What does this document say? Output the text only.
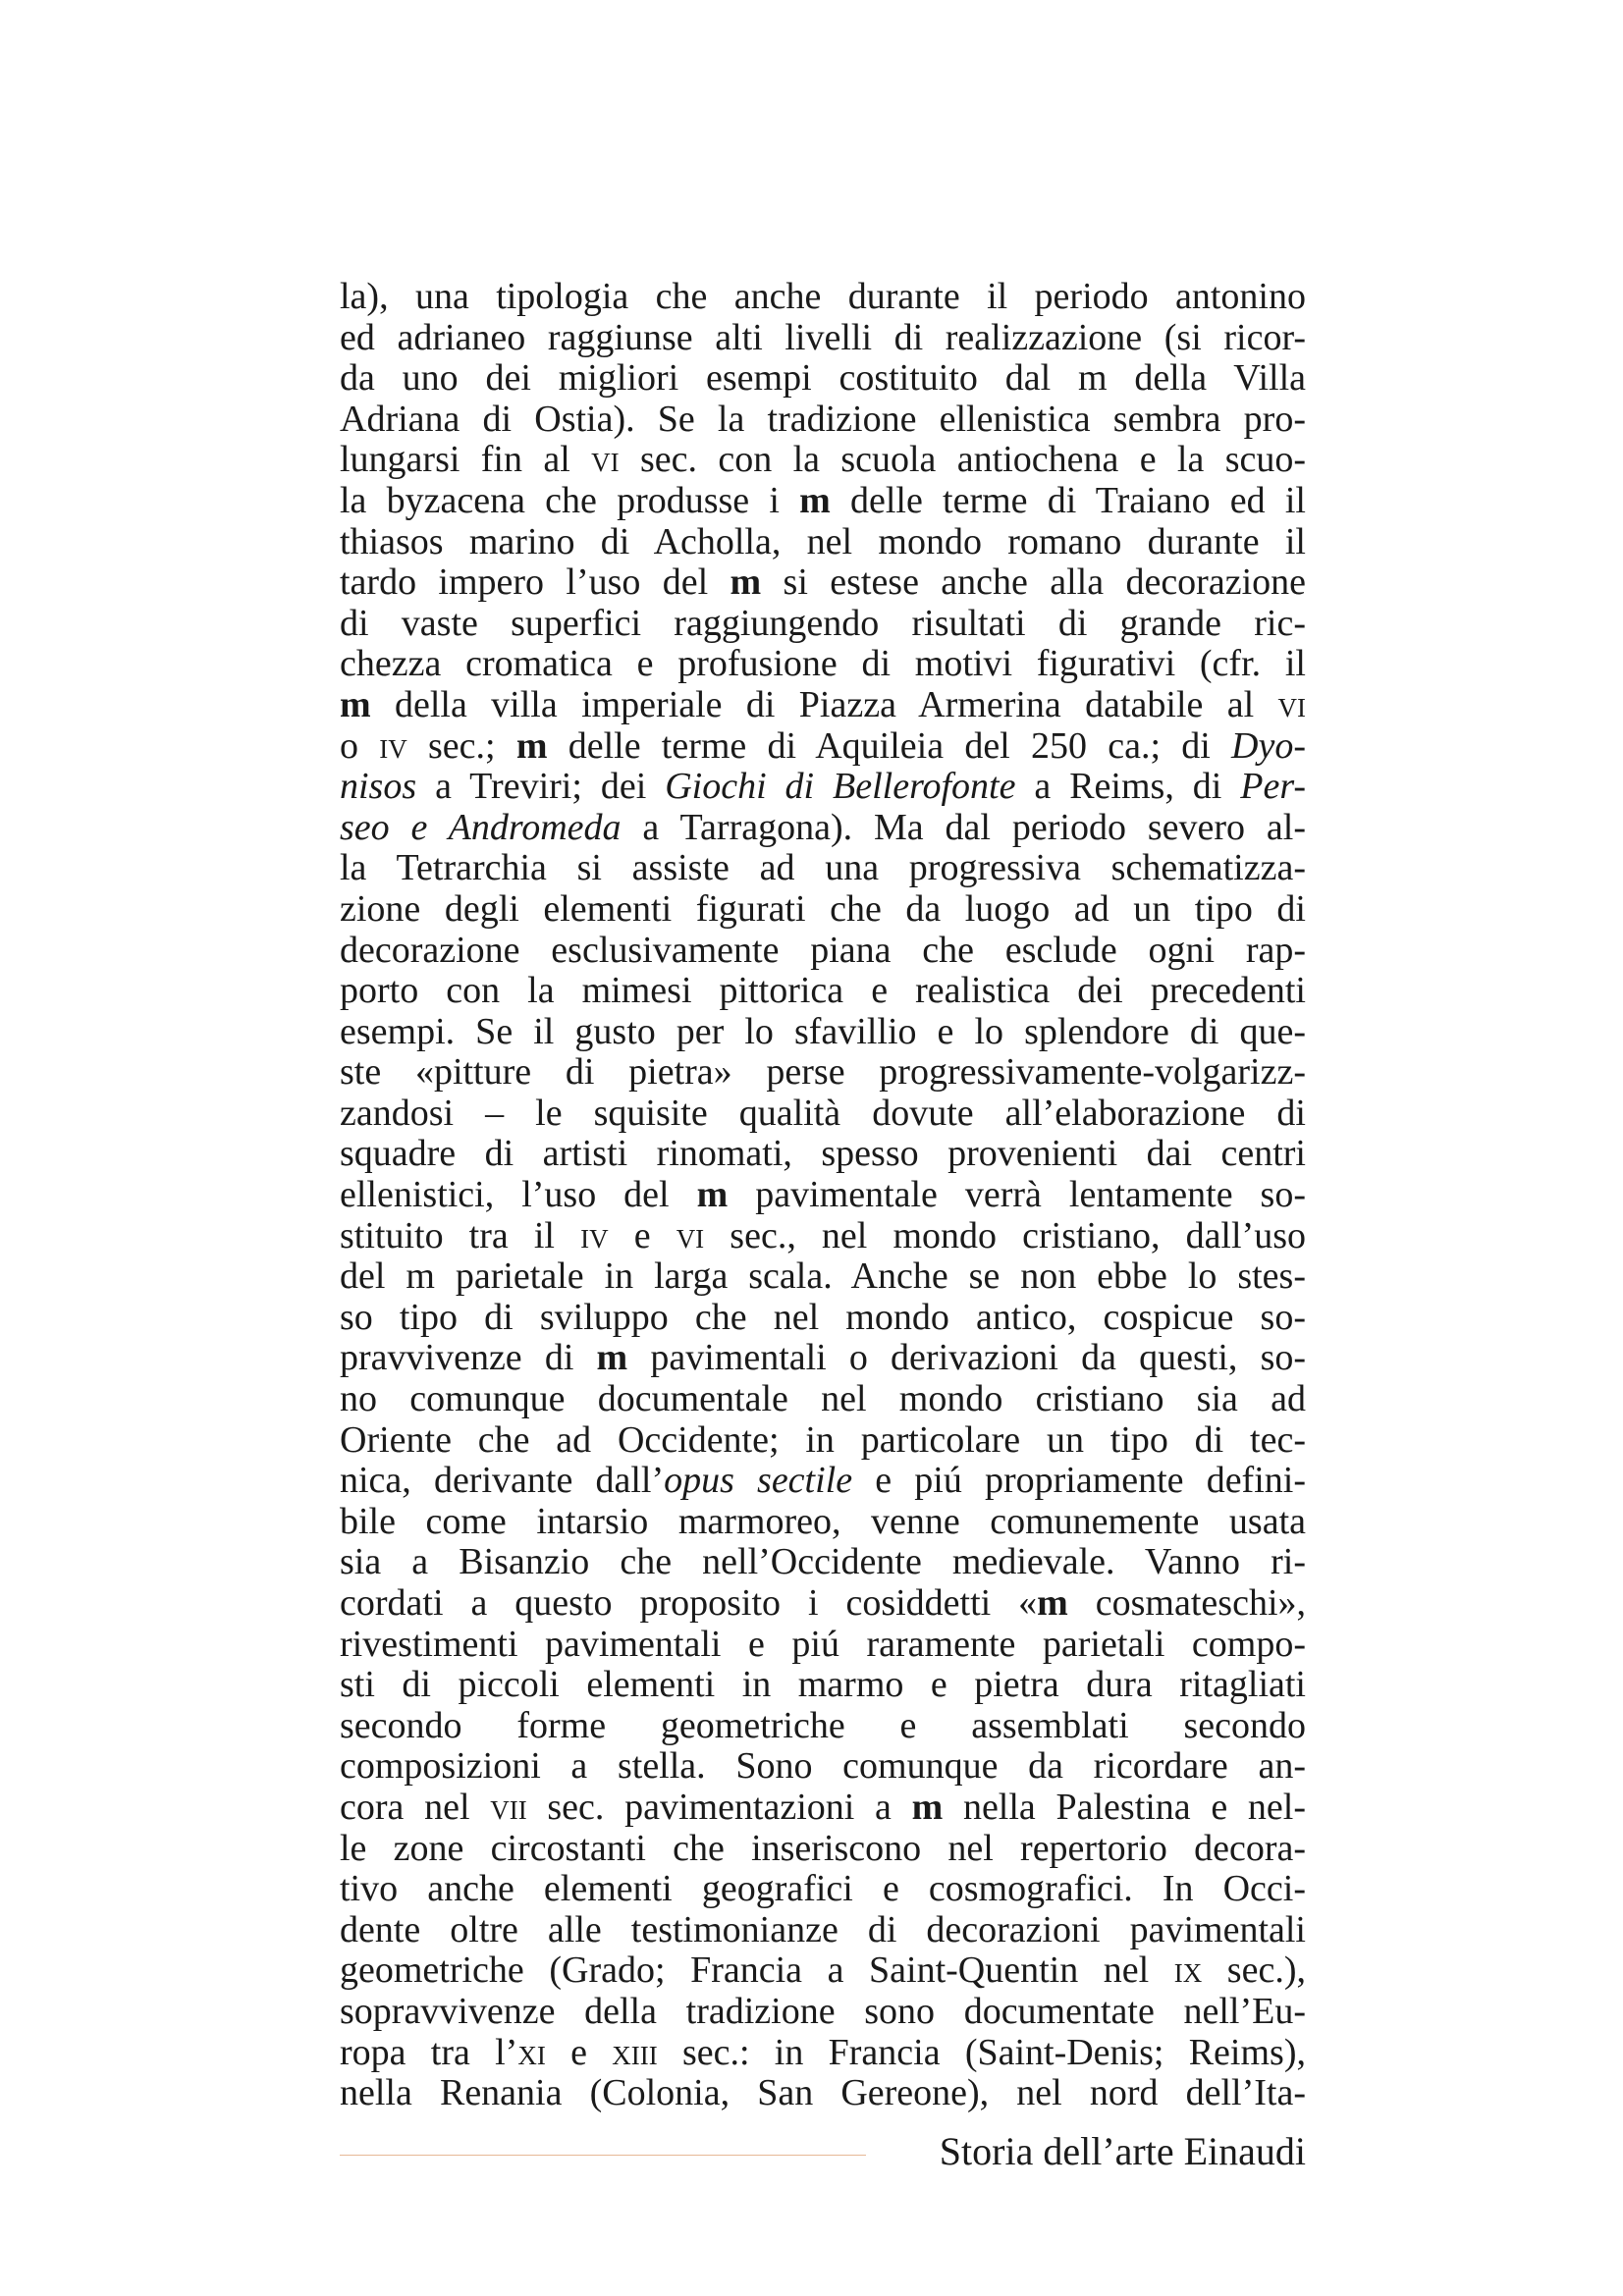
la), una tipologia che anche durante il periodo antonino
ed adrianeo raggiunse alti livelli di realizzazione (si ricor-
da uno dei migliori esempi costituito dal m della Villa
Adriana di Ostia). Se la tradizione ellenistica sembra pro-
lungarsi fin al vi sec. con la scuola antiochena e la scuo-
la byzacena che produsse i m delle terme di Traiano ed il
thiasos marino di Acholla, nel mondo romano durante il
tardo impero l’uso del m si estese anche alla decorazione
di vaste superfici raggiungendo risultati di grande ric-
chezza cromatica e profusione di motivi figurativi (cfr. il
m della villa imperiale di Piazza Armerina databile al vi
o iv sec.; m delle terme di Aquileia del 250 ca.; di Dyo-
nisos a Treviri; dei Giochi di Bellerofonte a Reims, di Per-
seo e Andromeda a Tarragona). Ma dal periodo severo al-
la Tetrarchia si assiste ad una progressiva schematizza-
zione degli elementi figurati che da luogo ad un tipo di
decorazione esclusivamente piana che esclude ogni rap-
porto con la mimesi pittorica e realistica dei precedenti
esempi. Se il gusto per lo sfavillio e lo splendore di que-
ste «pitture di pietra» perse progressivamente-volgarizz-
zandosi – le squisite qualità dovute all’elaborazione di
squadre di artisti rinomati, spesso provenienti dai centri
ellenistici, l’uso del m pavimentale verrà lentamente so-
stituito tra il iv e vi sec., nel mondo cristiano, dall’uso
del m parietale in larga scala. Anche se non ebbe lo stes-
so tipo di sviluppo che nel mondo antico, cospicue so-
pravvivenze di m pavimentali o derivazioni da questi, so-
no comunque documentale nel mondo cristiano sia ad
Oriente che ad Occidente; in particolare un tipo di tec-
nica, derivante dall’opus sectile e piú propriamente defini-
bile come intarsio marmoreo, venne comunemente usata
sia a Bisanzio che nell’Occidente medievale. Vanno ri-
cordati a questo proposito i cosiddetti «m cosmateschi»,
rivestimenti pavimentali e piú raramente parietali compo-
sti di piccoli elementi in marmo e pietra dura ritagliati
secondo forme geometriche e assemblati secondo
composizioni a stella. Sono comunque da ricordare an-
cora nel vii sec. pavimentazioni a m nella Palestina e nel-
le zone circostanti che inseriscono nel repertorio decora-
tivo anche elementi geografici e cosmografici. In Occi-
dente oltre alle testimonianze di decorazioni pavimentali
geometriche (Grado; Francia a Saint-Quentin nel ix sec.),
sopravvivenze della tradizione sono documentate nell’Eu-
ropa tra l’xi e xiii sec.: in Francia (Saint-Denis; Reims),
nella Renania (Colonia, San Gereone), nel nord dell’Ita-
Storia dell’arte Einaudi
